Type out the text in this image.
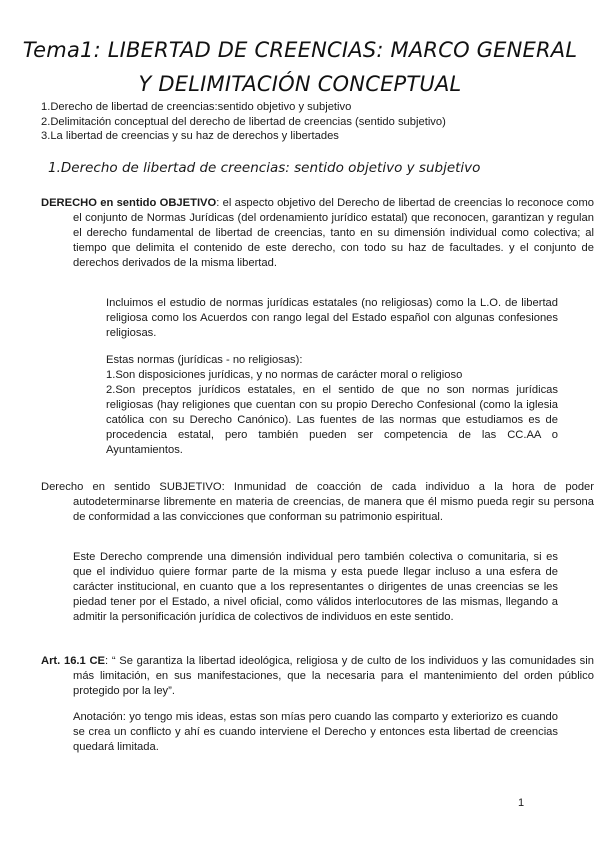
Tema1: LIBERTAD DE CREENCIAS: MARCO GENERAL
Y DELIMITACIÓN CONCEPTUAL
1.Derecho de libertad de creencias:sentido objetivo y subjetivo
2.Delimitación conceptual del derecho de libertad de creencias (sentido subjetivo)
3.La libertad de creencias y su haz de derechos y libertades
1.Derecho de libertad de creencias: sentido objetivo y subjetivo
DERECHO en sentido OBJETIVO: el aspecto objetivo del Derecho de libertad de creencias lo reconoce como el conjunto de Normas Jurídicas (del ordenamiento jurídico estatal) que reconocen, garantizan y regulan el derecho fundamental de libertad de creencias, tanto en su dimensión individual como colectiva; al tiempo que delimita el contenido de este derecho, con todo su haz de facultades. y el conjunto de derechos derivados de la misma libertad.
Incluimos el estudio de normas jurídicas estatales (no religiosas) como la L.O. de libertad religiosa como los Acuerdos con rango legal del Estado español con algunas confesiones religiosas.
Estas normas (jurídicas - no religiosas):
1.Son disposiciones jurídicas, y no normas de carácter moral o religioso
2.Son preceptos jurídicos estatales, en el sentido de que no son normas jurídicas religiosas (hay religiones que cuentan con su propio Derecho Confesional (como la iglesia católica con su Derecho Canónico). Las fuentes de las normas que estudiamos es de procedencia estatal, pero también pueden ser competencia de las CC.AA o Ayuntamientos.
Derecho en sentido SUBJETIVO: Inmunidad de coacción de cada individuo a la hora de poder autodeterminarse libremente en materia de creencias, de manera que él mismo pueda regir su persona de conformidad a las convicciones que conforman su patrimonio espiritual.
Este Derecho comprende una dimensión individual pero también colectiva o comunitaria, si es que el individuo quiere formar parte de la misma y esta puede llegar incluso a una esfera de carácter institucional, en cuanto que a los representantes o dirigentes de unas creencias se les piedad tener por el Estado, a nivel oficial, como válidos interlocutores de las mismas, llegando a admitir la personificación jurídica de colectivos de individuos en este sentido.
Art. 16.1 CE: “ Se garantiza la libertad ideológica, religiosa y de culto de los individuos y las comunidades sin más limitación, en sus manifestaciones, que la necesaria para el mantenimiento del orden público protegido por la ley”.
Anotación: yo tengo mis ideas, estas son mías pero cuando las comparto y exteriorizo es cuando se crea un conflicto y ahí es cuando interviene el Derecho y entonces esta libertad de creencias quedará limitada.
1
